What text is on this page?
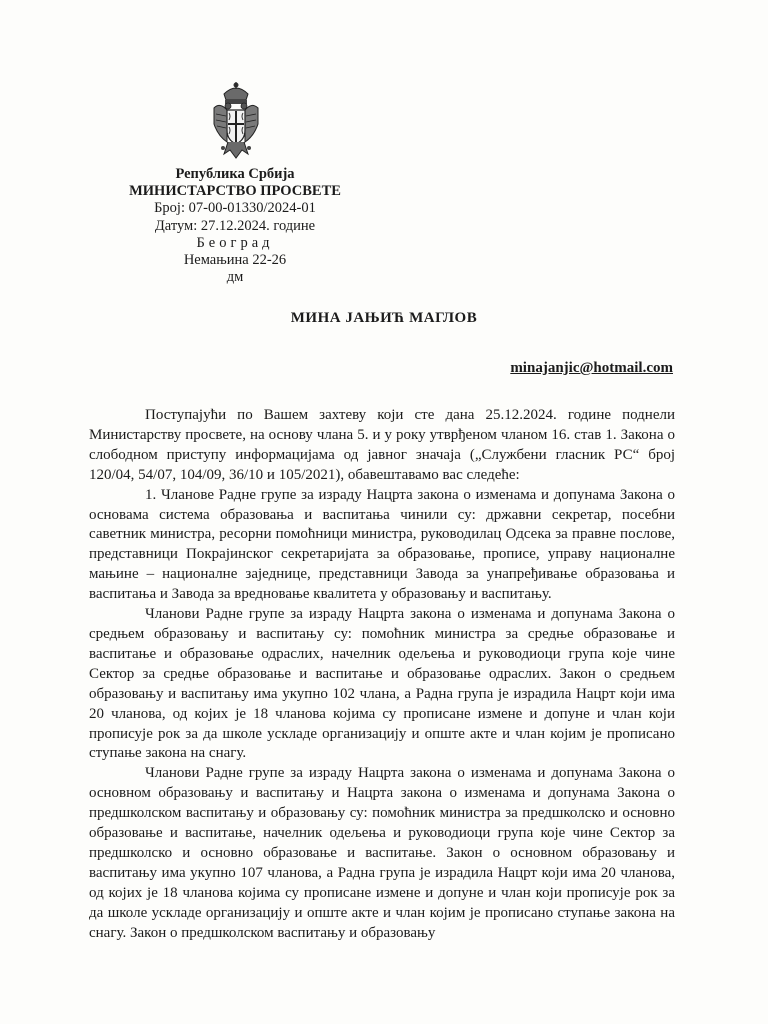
Република Србија
МИНИСТАРСТВО ПРОСВЕТЕ
Број: 07-00-01330/2024-01
Датум: 27.12.2024. године
Београд
Немањина 22-26
дм
МИНА ЈАЊИЋ МАГЛОВ
minajanjic@hotmail.com

Поступајући по Вашем захтеву који сте дана 25.12.2024. године поднели Министарству просвете, на основу члана 5. и у року утврђеном чланом 16. став 1. Закона о слободном приступу информацијама од јавног значаја („Службени гласник РС“ број 120/04, 54/07, 104/09, 36/10 и 105/2021), обавештавамо вас следеће:

1. Чланове Радне групе за израду Нацрта закона о изменама и допунама Закона о основама система образовања и васпитања чинили су: државни секретар, посебни саветник министра, ресорни помоћници министра, руководилац Одсека за правне послове, представници Покрајинског секретаријата за образовање, прописе, управу националне мањине – националне заједнице, представници Завода за унапређивање образовања и васпитања и Завода за вредновање квалитета у образовању и васпитању.

Чланови Радне групе за израду Нацрта закона о изменама и допунама Закона о средњем образовању и васпитању су: помоћник министра за средње образовање и васпитање и образовање одраслих, начелник одељења и руководиоци група које чине Сектор за средње образовање и васпитање и образовање одраслих. Закон о средњем образовању и васпитању има укупно 102 члана, а Радна група је израдила Нацрт који има 20 чланова, од којих је 18 чланова којима су прописане измене и допуне и члан који прописује рок за да школе ускладе организацију и опште акте и члан којим је прописано ступање закона на снагу.

Чланови Радне групе за израду Нацрта закона о изменама и допунама Закона о основном образовању и васпитању и Нацрта закона о изменама и допунама Закона о предшколском васпитању и образовању су: помоћник министра за предшколско и основно образовање и васпитање, начелник одељења и руководиоци група које чине Сектор за предшколско и основно образовање и васпитање. Закон о основном образовању и васпитању има укупно 107 чланова, а Радна група је израдила Нацрт који има 20 чланова, од којих је 18 чланова којима су прописане измене и допуне и члан који прописује рок за да школе ускладе организацију и опште акте и члан којим је прописано ступање закона на снагу. Закон о предшколском васпитању и образовању
